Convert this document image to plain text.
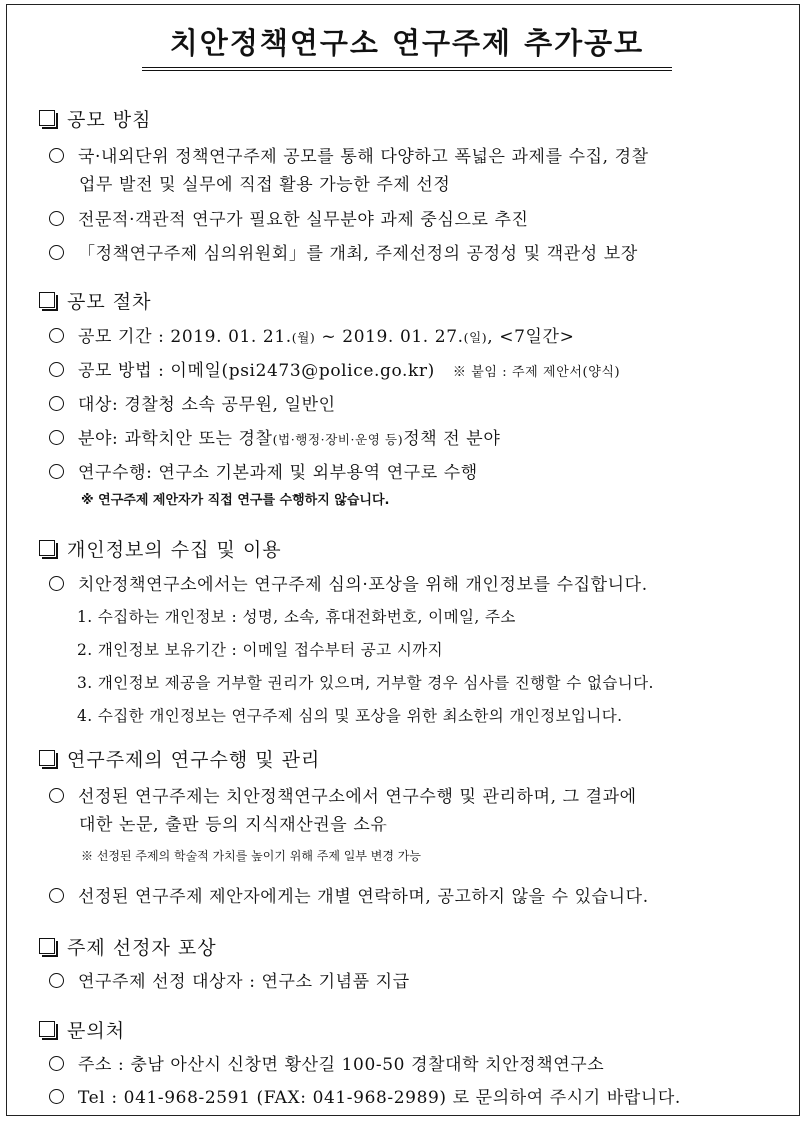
치안정책연구소 연구주제 추가공모
공모 방침
국·내외단위 정책연구주제 공모를 통해 다양하고 폭넓은 과제를 수집, 경찰
업무 발전 및 실무에 직접 활용 가능한 주제 선정
전문적·객관적 연구가 필요한 실무분야 과제 중심으로 추진
「정책연구주제 심의위원회」를 개최, 주제선정의 공정성 및 객관성 보장
공모 절차
공모 기간 : 2019. 01. 21.(월) ~ 2019. 01. 27.(일), <7일간>
공모 방법 : 이메일(psi2473@police.go.kr) ※ 붙임 : 주제 제안서(양식)
대상: 경찰청 소속 공무원, 일반인
분야: 과학치안 또는 경찰(법·행정·장비·운영 등)정책 전 분야
연구수행: 연구소 기본과제 및 외부용역 연구로 수행
※ 연구주제 제안자가 직접 연구를 수행하지 않습니다.
개인정보의 수집 및 이용
치안정책연구소에서는 연구주제 심의·포상을 위해 개인정보를 수집합니다.
1. 수집하는 개인정보 : 성명, 소속, 휴대전화번호, 이메일, 주소
2. 개인정보 보유기간 : 이메일 접수부터 공고 시까지
3. 개인정보 제공을 거부할 권리가 있으며, 거부할 경우 심사를 진행할 수 없습니다.
4. 수집한 개인정보는 연구주제 심의 및 포상을 위한 최소한의 개인정보입니다.
연구주제의 연구수행 및 관리
선정된 연구주제는 치안정책연구소에서 연구수행 및 관리하며, 그 결과에
대한 논문, 출판 등의 지식재산권을 소유
※ 선정된 주제의 학술적 가치를 높이기 위해 주제 일부 변경 가능
선정된 연구주제 제안자에게는 개별 연락하며, 공고하지 않을 수 있습니다.
주제 선정자 포상
연구주제 선정 대상자 : 연구소 기념품 지급
문의처
주소 : 충남 아산시 신창면 황산길 100-50 경찰대학 치안정책연구소
Tel : 041-968-2591 (FAX: 041-968-2989) 로 문의하여 주시기 바랍니다.
